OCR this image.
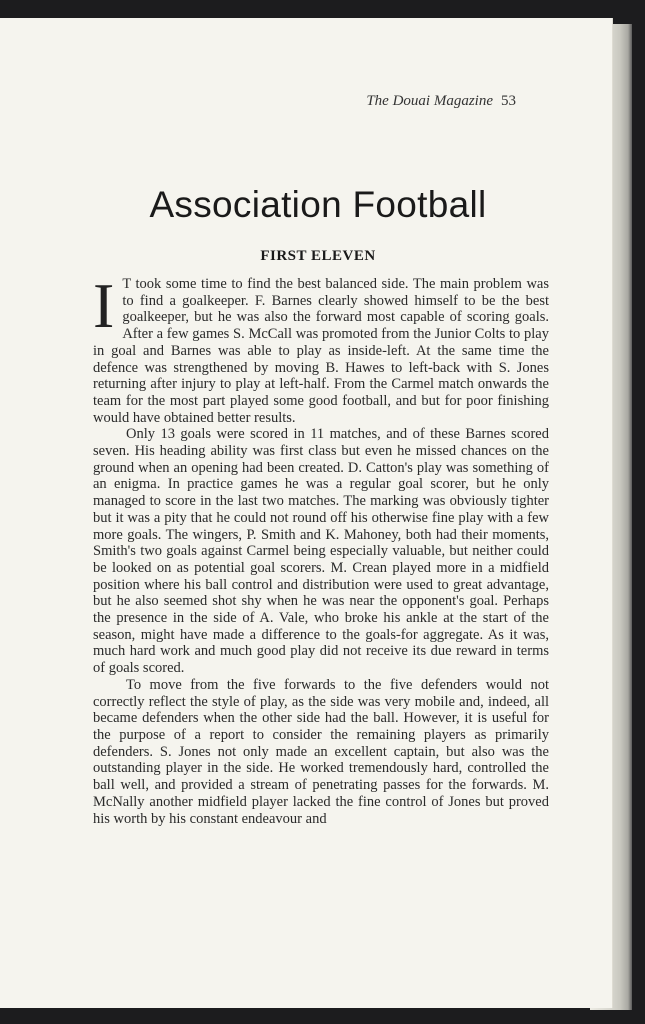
The Douai Magazine 53
Association Football
FIRST ELEVEN

I T took some time to find the best balanced side. The main problem was to find a goalkeeper. F. Barnes clearly showed himself to be the best goalkeeper, but he was also the forward most capable of scoring goals. After a few games S. McCall was promoted from the Junior Colts to play in goal and Barnes was able to play as inside-left. At the same time the defence was strengthened by moving B. Hawes to left-back with S. Jones returning after injury to play at left-half. From the Carmel match onwards the team for the most part played some good football, and but for poor finishing would have obtained better results.

Only 13 goals were scored in 11 matches, and of these Barnes scored seven. His heading ability was first class but even he missed chances on the ground when an opening had been created. D. Catton's play was something of an enigma. In practice games he was a regular goal scorer, but he only managed to score in the last two matches. The marking was obviously tighter but it was a pity that he could not round off his otherwise fine play with a few more goals. The wingers, P. Smith and K. Mahoney, both had their moments, Smith's two goals against Carmel being especially valuable, but neither could be looked on as potential goal scorers. M. Crean played more in a midfield position where his ball control and distribution were used to great advantage, but he also seemed shot shy when he was near the opponent's goal. Perhaps the presence in the side of A. Vale, who broke his ankle at the start of the season, might have made a difference to the goals-for aggregate. As it was, much hard work and much good play did not receive its due reward in terms of goals scored.

To move from the five forwards to the five defenders would not correctly reflect the style of play, as the side was very mobile and, indeed, all became defenders when the other side had the ball. However, it is useful for the purpose of a report to consider the remaining players as primarily defenders. S. Jones not only made an excellent captain, but also was the outstanding player in the side. He worked tremendously hard, controlled the ball well, and provided a stream of penetrating passes for the forwards. M. McNally another midfield player lacked the fine control of Jones but proved his worth by his constant endeavour and
